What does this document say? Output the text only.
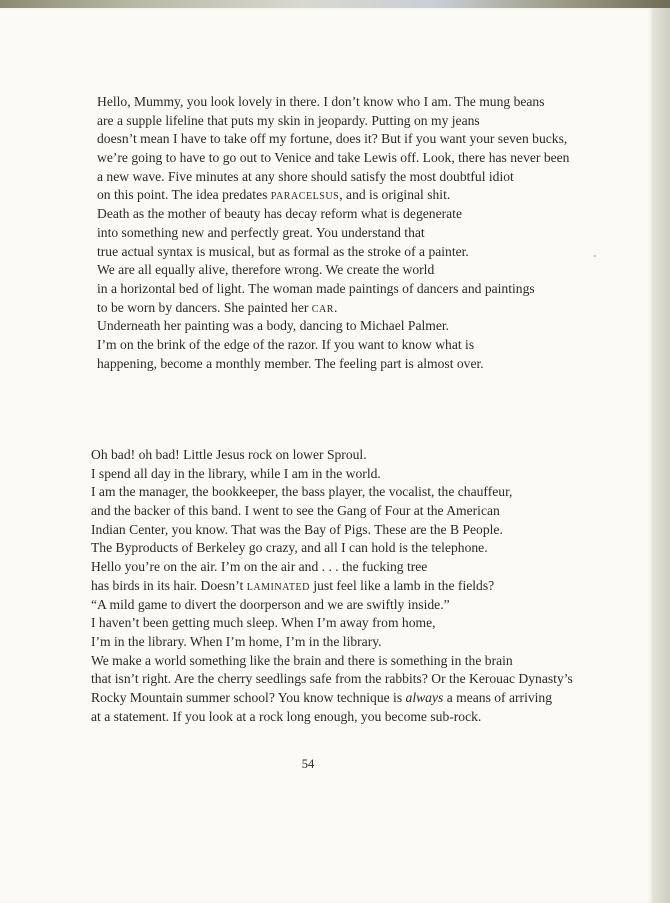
Hello, Mummy, you look lovely in there. I don’t know who I am. The mung beans
are a supple lifeline that puts my skin in jeopardy. Putting on my jeans
doesn’t mean I have to take off my fortune, does it? But if you want your seven bucks,
we’re going to have to go out to Venice and take Lewis off. Look, there has never been
a new wave. Five minutes at any shore should satisfy the most doubtful idiot
on this point. The idea predates paracelsus, and is original shit.
Death as the mother of beauty has decay reform what is degenerate
into something new and perfectly great. You understand that
true actual syntax is musical, but as formal as the stroke of a painter.
We are all equally alive, therefore wrong. We create the world
in a horizontal bed of light. The woman made paintings of dancers and paintings
to be worn by dancers. She painted her car.
Underneath her painting was a body, dancing to Michael Palmer.
I’m on the brink of the edge of the razor. If you want to know what is
happening, become a monthly member. The feeling part is almost over.
Oh bad! oh bad! Little Jesus rock on lower Sproul.
I spend all day in the library, while I am in the world.
I am the manager, the bookkeeper, the bass player, the vocalist, the chauffeur,
and the backer of this band. I went to see the Gang of Four at the American
Indian Center, you know. That was the Bay of Pigs. These are the B People.
The Byproducts of Berkeley go crazy, and all I can hold is the telephone.
Hello you’re on the air. I’m on the air and . . . the fucking tree
has birds in its hair. Doesn’t laminated just feel like a lamb in the fields?
“A mild game to divert the doorperson and we are swiftly inside.”
I haven’t been getting much sleep. When I’m away from home,
I’m in the library. When I’m home, I’m in the library.
We make a world something like the brain and there is something in the brain
that isn’t right. Are the cherry seedlings safe from the rabbits? Or the Kerouac Dynasty’s
Rocky Mountain summer school? You know technique is always a means of arriving
at a statement. If you look at a rock long enough, you become sub-rock.
54
